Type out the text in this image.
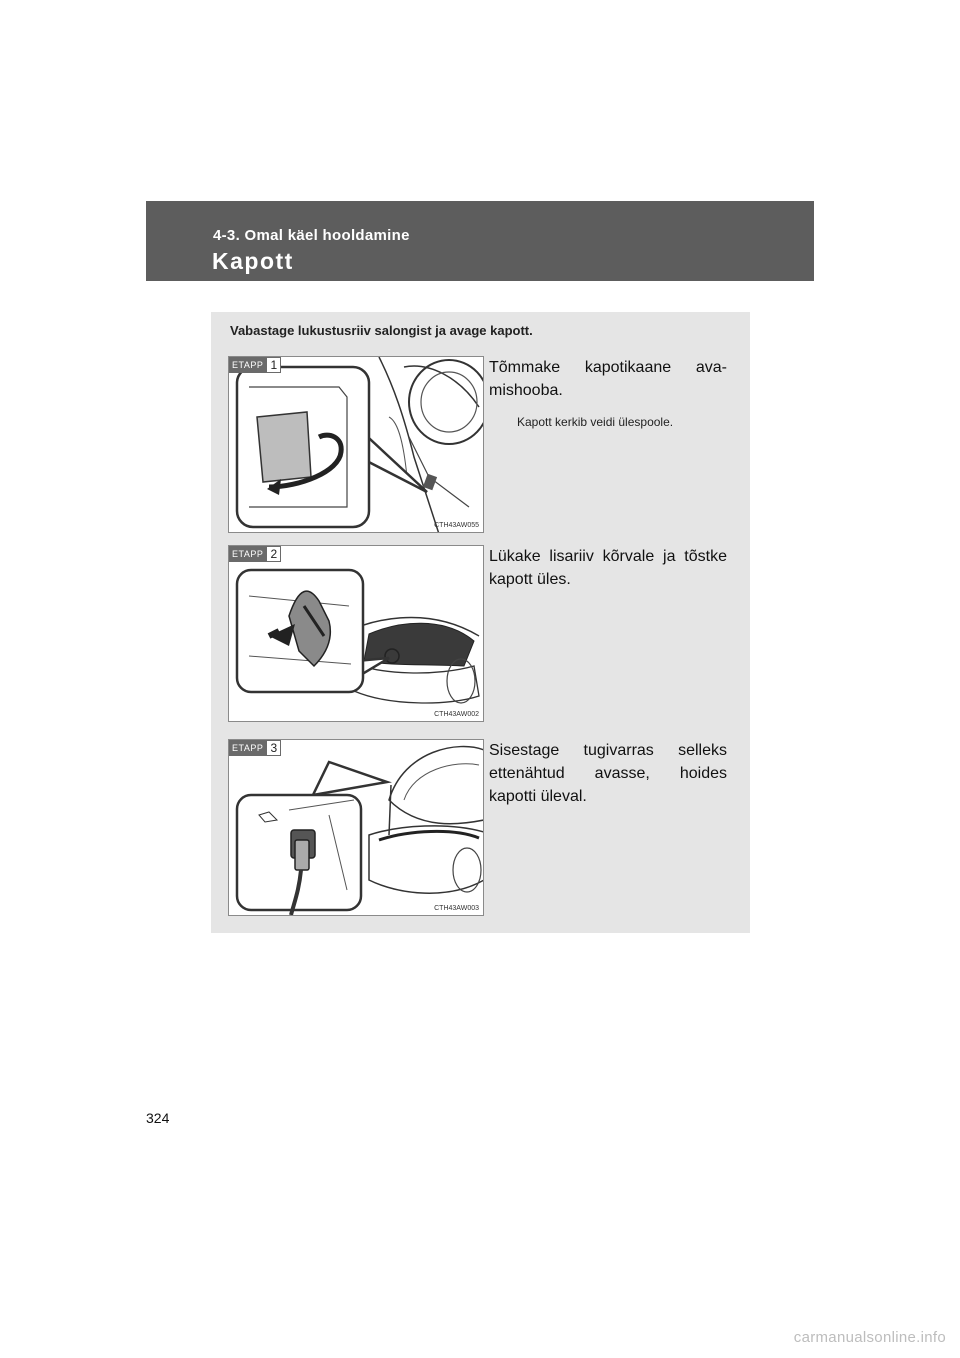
4-3. Omal käel hooldamine
Kapott
Vabastage lukustusriiv salongist ja avage kapott.
ETAPP 1
CTH43AW055
Tõmmake kapotikaane ava-mishooba.
Kapott kerkib veidi ülespoole.
ETAPP 2
CTH43AW002
Lükake lisariiv kõrvale ja tõstke kapott üles.
ETAPP 3
CTH43AW003
Sisestage tugivarras selleks ettenähtud avasse, hoides kapotti üleval.
324
carmanualsonline.info
